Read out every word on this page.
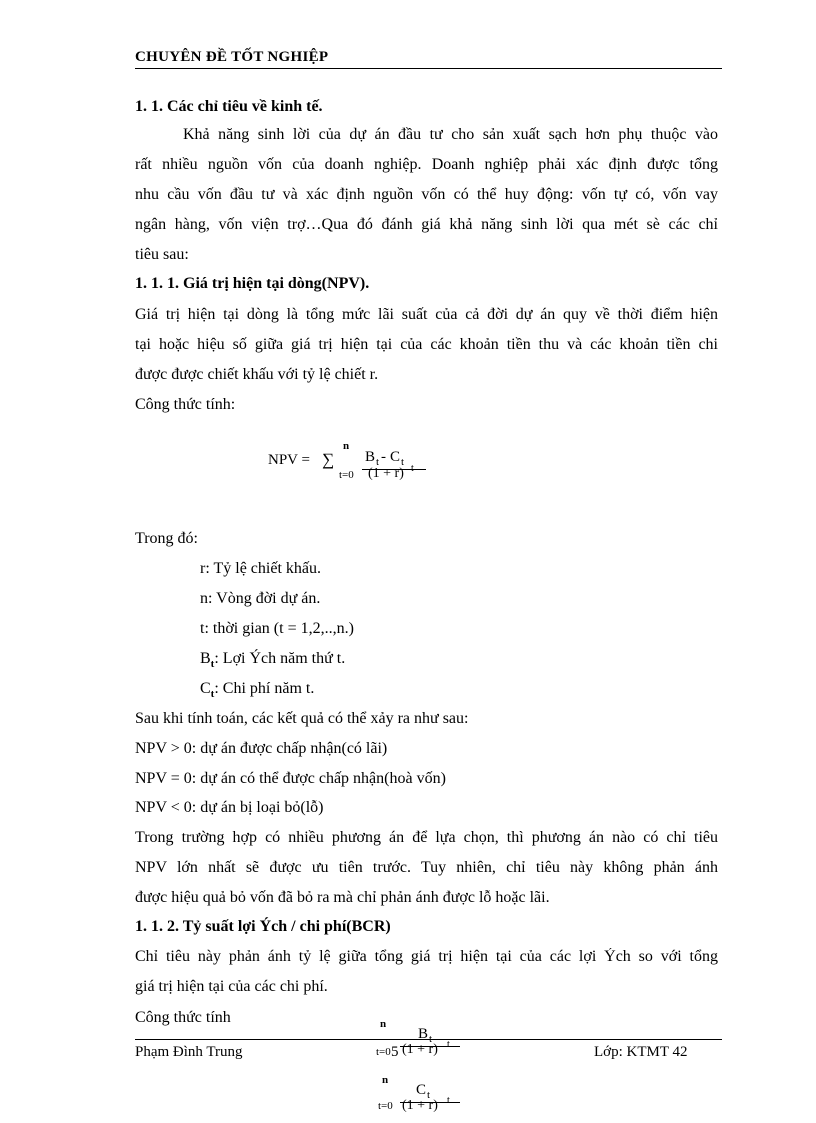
CHUYÊN ĐỀ TỐT NGHIỆP
1. 1. Các chỉ tiêu về kinh tế.
Khả năng sinh lời của dự án đầu tư cho sản xuất sạch hơn phụ thuộc vào
rất nhiều nguồn vốn của doanh nghiệp. Doanh nghiệp phải xác định được tổng
nhu cầu vốn đầu tư và xác định nguồn vốn có thể huy động: vốn tự có, vốn vay
ngân hàng, vốn viện trợ…Qua đó đánh giá khả năng sinh lời qua mét sè các chỉ
tiêu sau:
1. 1. 1. Giá trị hiện tại dòng(NPV).
Giá trị hiện tại dòng là tổng mức lãi suất của cả đời dự án quy về thời điểm hiện
tại hoặc hiệu số giữa giá trị hiện tại của các khoản tiền thu và các khoản tiền chi
được được chiết khấu với tỷ lệ chiết r.
Công thức tính:
NPV = ∑
n
t=0
B t - C t
(1 + r) t
Trong đó:
r: Tỷ lệ chiết khấu.
n: Vòng đời dự án.
t: thời gian (t = 1,2,..,n.)
$B_t$: Lợi Ých năm thứ t.
$C_t$: Chi phí năm t.
Sau khi tính toán, các kết quả có thể xảy ra như sau:
NPV > 0: dự án được chấp nhận(có lãi)
NPV = 0: dự án có thể được chấp nhận(hoà vốn)
NPV < 0: dự án bị loại bỏ(lỗ)
Trong trường hợp có nhiều phương án để lựa chọn, thì phương án nào có chỉ tiêu
NPV lớn nhất sẽ được ưu tiên trước. Tuy nhiên, chỉ tiêu này không phản ánh
được hiệu quả bỏ vốn đã bỏ ra mà chỉ phản ánh được lỗ hoặc lãi.
1. 1. 2. Tỷ suất lợi Ých / chi phí(BCR)
Chỉ tiêu này phản ánh tỷ lệ giữa tổng giá trị hiện tại của các lợi Ých so với tổng
giá trị hiện tại của các chi phí.
Công thức tính	n
B t
t=0 (1 + r) t
n
C t
t=0 (1 + r) t
Phạm Đình Trung	5	Lớp: KTMT 42
